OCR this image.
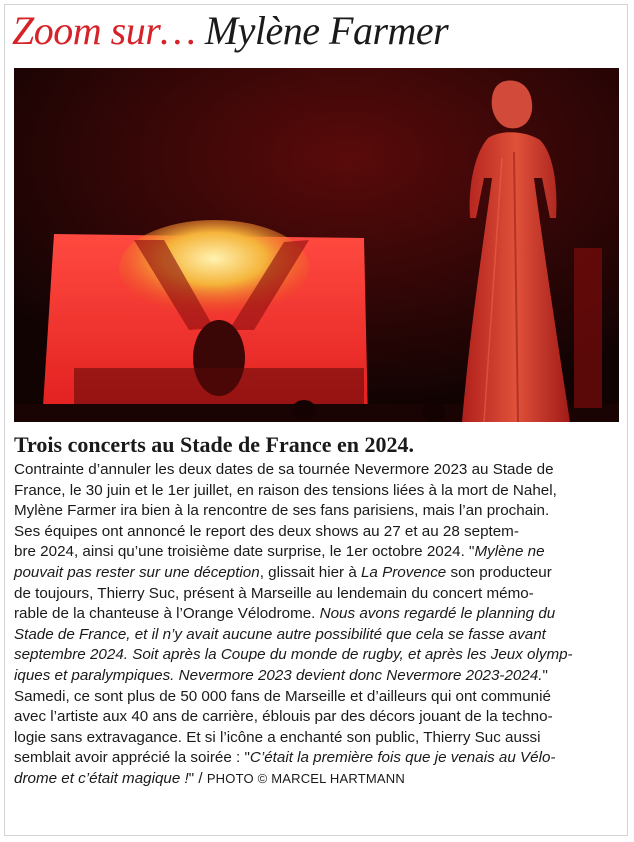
Zoom sur… Mylène Farmer
Trois concerts au Stade de France en 2024.
Contrainte d’annuler les deux dates de sa tournée Nevermore 2023 au Stade de
France, le 30 juin et le 1er juillet, en raison des tensions liées à la mort de Nahel,
Mylène Farmer ira bien à la rencontre de ses fans parisiens, mais l’an prochain.
Ses équipes ont annoncé le report des deux shows au 27 et au 28 septem-
bre 2024, ainsi qu’une troisième date surprise, le 1er octobre 2024. "Mylène ne
pouvait pas rester sur une déception, glissait hier à La Provence son producteur
de toujours, Thierry Suc, présent à Marseille au lendemain du concert mémo-
rable de la chanteuse à l’Orange Vélodrome. Nous avons regardé le planning du
Stade de France, et il n’y avait aucune autre possibilité que cela se fasse avant
septembre 2024. Soit après la Coupe du monde de rugby, et après les Jeux olymp-
iques et paralympiques. Nevermore 2023 devient donc Nevermore 2023-2024."
Samedi, ce sont plus de 50 000 fans de Marseille et d’ailleurs qui ont communié
avec l’artiste aux 40 ans de carrière, éblouis par des décors jouant de la techno-
logie sans extravagance. Et si l’icône a enchanté son public, Thierry Suc aussi
semblait avoir apprécié la soirée : "C’était la première fois que je venais au Vélo-
drome et c’était magique !" / PHOTO © MARCEL HARTMANN
